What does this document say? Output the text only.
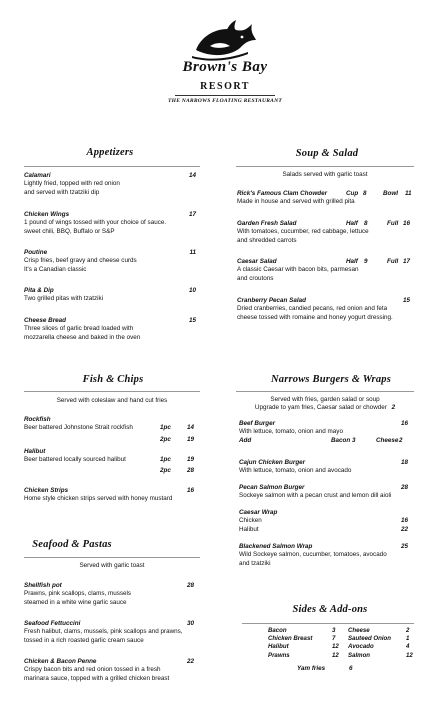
Brown's Bay
RESORT
THE NARROWS FLOATING RESTAURANT
Appetizers
Calamari	14
Lightly fried, topped with red onion
and served with tzatziki dip
Chicken Wings	17
1 pound of wings tossed with your choice of sauce.
sweet chili, BBQ, Buffalo or S&P
Poutine	11
Crisp fries, beef gravy and cheese curds
It's a Canadian classic
Pita & Dip	10
Two grilled pitas with tzatziki
Cheese Bread	15
Three slices of garlic bread loaded with
mozzarella cheese and baked in the oven
Soup & Salad
Salads served with garlic toast
Rick's Famous Clam Chowder	Cup 8	Bowl 11
Made in house and served with grilled pita
Garden Fresh Salad	Half 8	Full 16
With tomatoes, cucumber, red cabbage, lettuce
and shredded carrots
Caesar Salad	Half 9	Full 17
A classic Caesar with bacon bits, parmesan
and croutons
Cranberry Pecan Salad	15
Dried cranberries, candied pecans, red onion and feta
cheese tossed with romaine and honey yogurt dressing.
Fish & Chips
Served with coleslaw and hand cut fries
Rockfish
Beer battered Johnstone Strait rockfish	1pc	14
2pc	19
Halibut
Beer battered locally sourced halibut	1pc	19
2pc	28
Chicken Strips	16
Home style chicken strips served with honey mustard
Seafood & Pastas
Served with garlic toast
Shellfish pot	28
Prawns, pink scallops, clams, mussels
steamed in a white wine garlic sauce
Seafood Fettuccini	30
Fresh halibut, clams, mussels, pink scallops and prawns,
tossed in a rich roasted garlic cream sauce
Chicken & Bacon Penne	22
Crispy bacon bits and red onion tossed in a fresh
marinara sauce, topped with a grilled chicken breast
Narrows Burgers & Wraps
Served with fries, garden salad or soup
Upgrade to yam fries, Caesar salad or chowder 2
Beef Burger	16
With lettuce, tomato, onion and mayo
Add	Bacon 3	Cheese 2
Cajun Chicken Burger	18
With lettuce, tomato, onion and avocado
Pecan Salmon Burger	28
Sockeye salmon with a pecan crust and lemon dill aioli
Caesar Wrap
Chicken	16
Halibut	22
Blackened Salmon Wrap	25
Wild Sockeye salmon, cucumber, tomatoes, avocado
and tzatziki
Sides & Add-ons
Bacon	3	Cheese	2
Chicken Breast	7	Sauteed Onion	1
Halibut	12	Avocado	4
Prawns	12	Salmon	12
Yam fries	6
